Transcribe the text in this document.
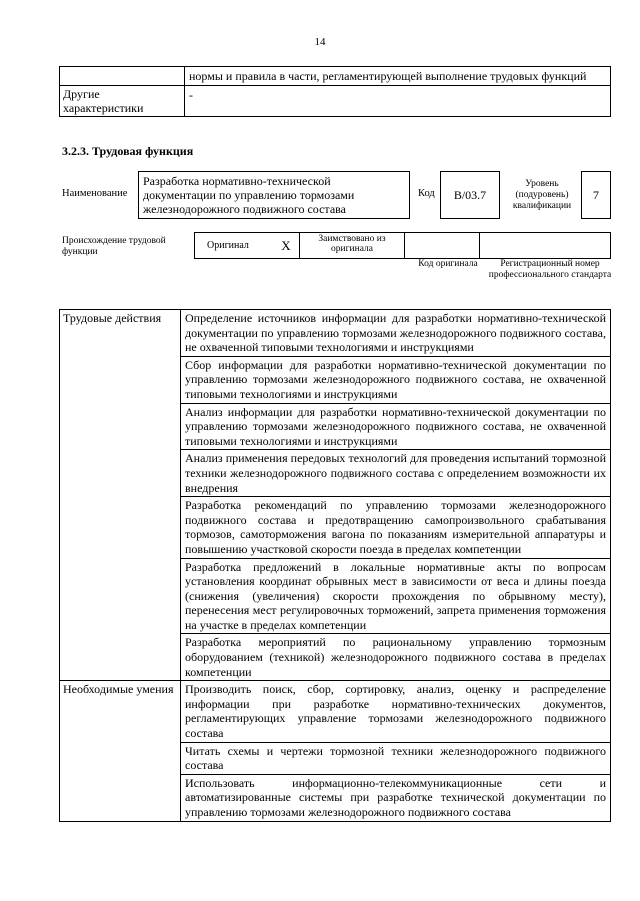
14
	нормы и правила в части, регламентирующей выполнение трудовых функций
Другие характеристики	-
3.2.3. Трудовая функция
Наименование
Разработка нормативно-технической документации по управлению тормозами железнодорожного подвижного состава
Код	В/03.7
Уровень (подуровень) квалификации
7
Происхождение трудовой функции
Оригинал	X	Заимствовано из оригинала		
Код оригинала	Регистрационный номер профессионального стандарта
Трудовые действия	Определение источников информации для разработки нормативно-технической документации по управлению тормозами железнодорожного подвижного состава, не охваченной типовыми технологиями и инструкциями
	Сбор информации для разработки нормативно-технической документации по управлению тормозами железнодорожного подвижного состава, не охваченной типовыми технологиями и инструкциями
	Анализ информации для разработки нормативно-технической документации по управлению тормозами железнодорожного подвижного состава, не охваченной типовыми технологиями и инструкциями
	Анализ применения передовых технологий для проведения испытаний тормозной техники железнодорожного подвижного состава с определением возможности их внедрения
	Разработка рекомендаций по управлению тормозами железнодорожного подвижного состава и предотвращению самопроизвольного срабатывания тормозов, самоторможения вагона по показаниям измерительной аппаратуры и повышению участковой скорости поезда в пределах компетенции
	Разработка предложений в локальные нормативные акты по вопросам установления координат обрывных мест в зависимости от веса и длины поезда (снижения (увеличения) скорости прохождения по обрывному месту), перенесения мест регулировочных торможений, запрета применения торможения на участке в пределах компетенции
	Разработка мероприятий по рациональному управлению тормозным оборудованием (техникой) железнодорожного подвижного состава в пределах компетенции
Необходимые умения	Производить поиск, сбор, сортировку, анализ, оценку и распределение информации при разработке нормативно-технических документов, регламентирующих управление тормозами железнодорожного подвижного состава
	Читать схемы и чертежи тормозной техники железнодорожного подвижного состава
	Использовать информационно-телекоммуникационные сети и автоматизированные системы при разработке технической документации по управлению тормозами железнодорожного подвижного состава
